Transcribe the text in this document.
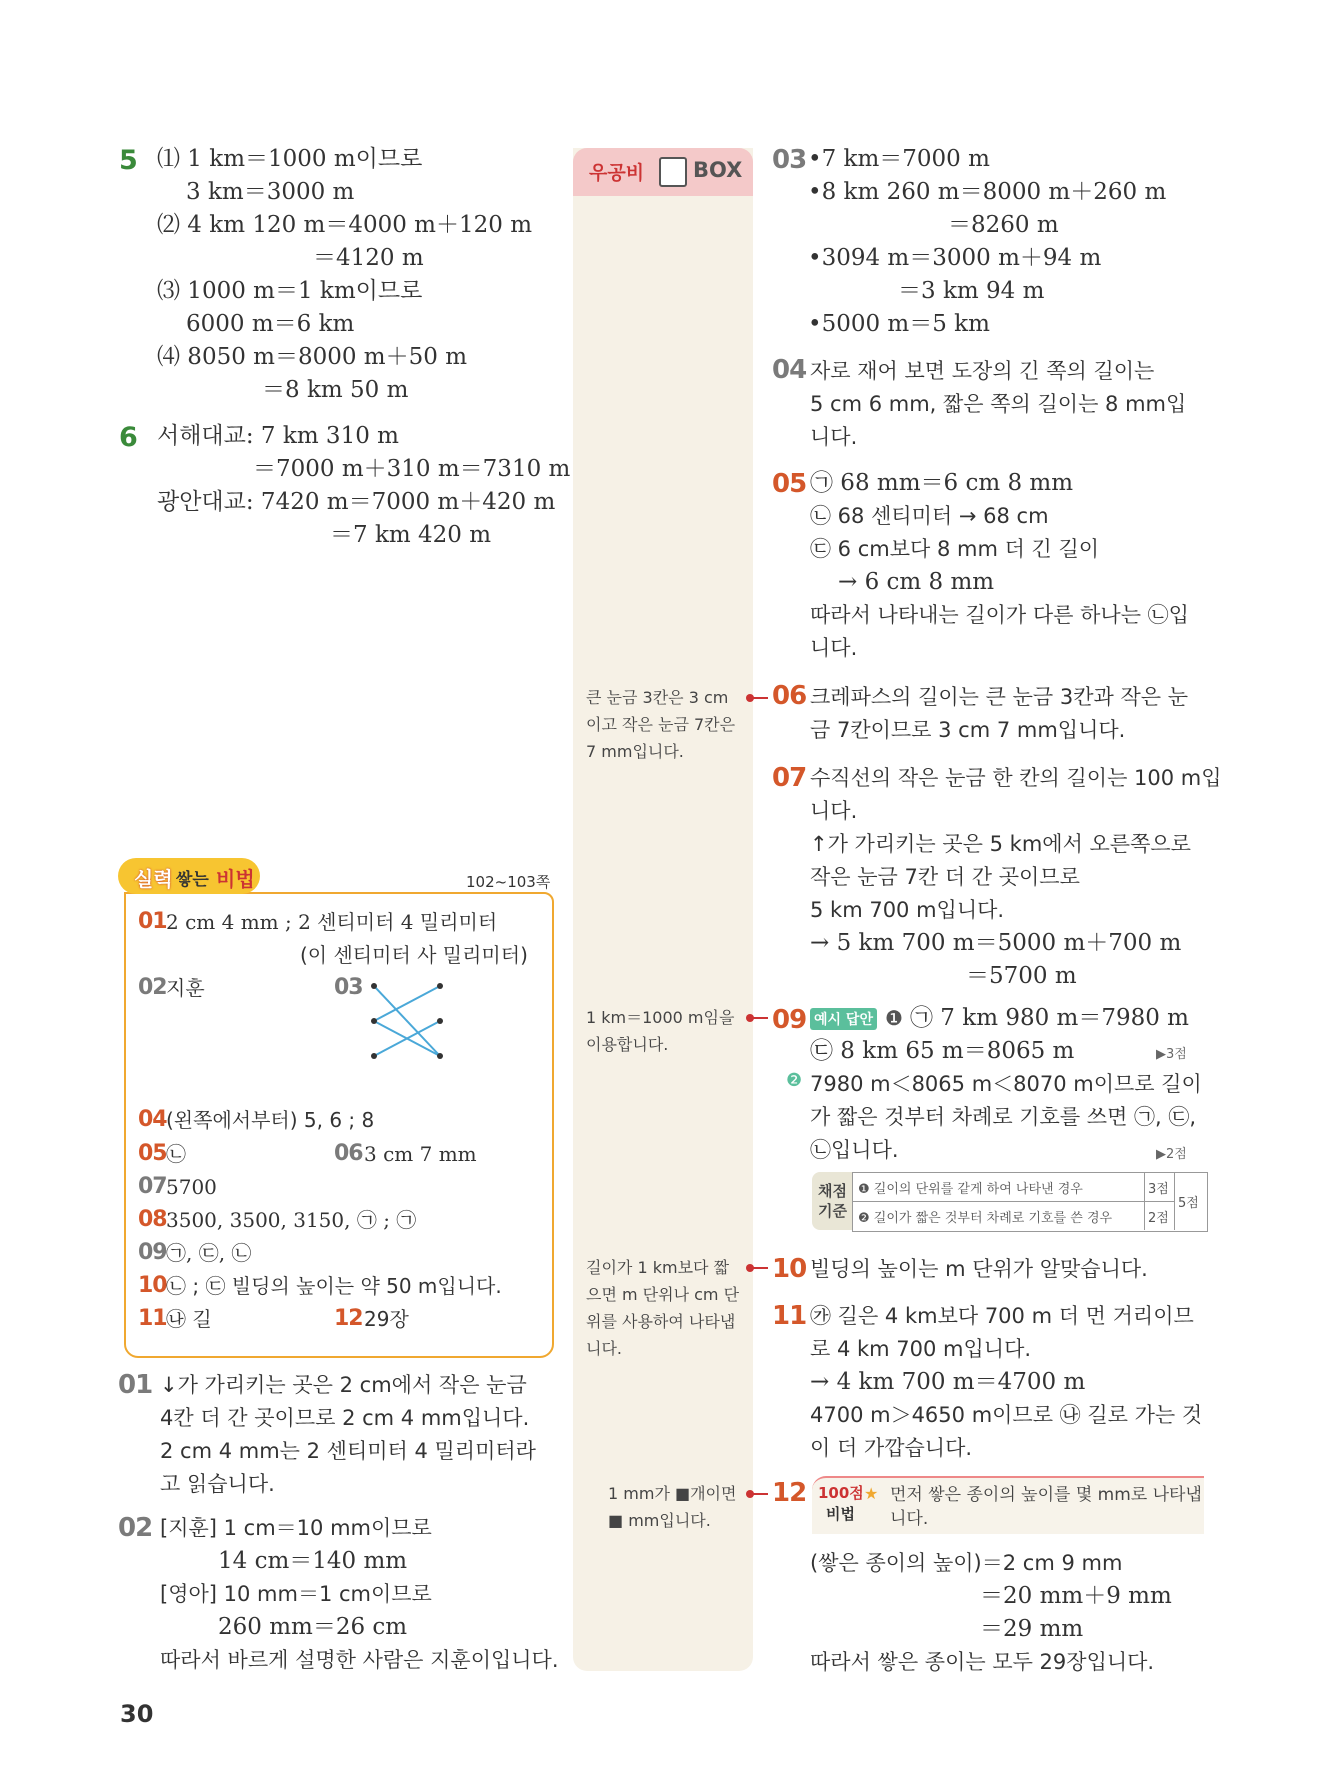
우공비 BOX
5 ⑴ 1 km＝1000 m이므로
3 km＝3000 m
⑵ 4 km 120 m＝4000 m＋120 m
＝4120 m
⑶ 1000 m＝1 km이므로
6000 m＝6 km
⑷ 8050 m＝8000 m＋50 m
＝8 km 50 m
6 서해대교: 7 km 310 m
＝7000 m＋310 m＝7310 m
광안대교: 7420 m＝7000 m＋420 m
＝7 km 420 m
실력 쌓는 비법	102~103쪽
01 2 cm 4 mm ; 2 센티미터 4 밀리미터
(이 센티미터 사 밀리미터)
02 지훈	03
04 (왼쪽에서부터) 5, 6 ; 8
05 ㉡	06 3 cm 7 mm
07 5700
08 3500, 3500, 3150, ㉠ ; ㉠
09 ㉠, ㉢, ㉡
10 ㉡ ; ㉢ 빌딩의 높이는 약 50 m입니다.
11 ㉯ 길	12 29장
01 ↓가 가리키는 곳은 2 cm에서 작은 눈금
4칸 더 간 곳이므로 2 cm 4 mm입니다.
2 cm 4 mm는 2 센티미터 4 밀리미터라
고 읽습니다.
02 [지훈] 1 cm＝10 mm이므로
14 cm＝140 mm
[영아] 10 mm＝1 cm이므로
260 mm＝26 cm
따라서 바르게 설명한 사람은 지훈이입니다.
30
큰 눈금 3칸은 3 cm
이고 작은 눈금 7칸은
7 mm입니다.
1 km＝1000 m임을
이용합니다.
길이가 1 km보다 짧
으면 m 단위나 cm 단
위를 사용하여 나타냅
니다.
1 mm가 ■개이면
■ mm입니다.
03 •7 km＝7000 m
•8 km 260 m＝8000 m＋260 m
＝8260 m
•3094 m＝3000 m＋94 m
＝3 km 94 m
•5000 m＝5 km
04 자로 재어 보면 도장의 긴 쪽의 길이는
5 cm 6 mm, 짧은 쪽의 길이는 8 mm입
니다.
05 ㉠ 68 mm＝6 cm 8 mm
㉡ 68 센티미터 → 68 cm
㉢ 6 cm보다 8 mm 더 긴 길이
→ 6 cm 8 mm
따라서 나타내는 길이가 다른 하나는 ㉡입
니다.
06 크레파스의 길이는 큰 눈금 3칸과 작은 눈
금 7칸이므로 3 cm 7 mm입니다.
07 수직선의 작은 눈금 한 칸의 길이는 100 m입
니다.
↑가 가리키는 곳은 5 km에서 오른쪽으로
작은 눈금 7칸 더 간 곳이므로
5 km 700 m입니다.
→ 5 km 700 m＝5000 m＋700 m
＝5700 m
09 예시 답안 ❶ ㉠ 7 km 980 m＝7980 m
㉢ 8 km 65 m＝8065 m	▶3점
❷ 7980 m＜8065 m＜8070 m이므로 길이
가 짧은 것부터 차례로 기호를 쓰면 ㉠, ㉢,
㉡입니다.	▶2점
채점
기준
❶ 길이의 단위를 같게 하여 나타낸 경우	3점
❷ 길이가 짧은 것부터 차례로 기호를 쓴 경우	2점
5점
10 빌딩의 높이는 m 단위가 알맞습니다.
11 ㉮ 길은 4 km보다 700 m 더 먼 거리이므
로 4 km 700 m입니다.
→ 4 km 700 m＝4700 m
4700 m＞4650 m이므로 ㉯ 길로 가는 것
이 더 가깝습니다.
12 100점 ★
비법
먼저 쌓은 종이의 높이를 몇 mm로 나타냅
니다.
(쌓은 종이의 높이)＝2 cm 9 mm
＝20 mm＋9 mm
＝29 mm
따라서 쌓은 종이는 모두 29장입니다.
